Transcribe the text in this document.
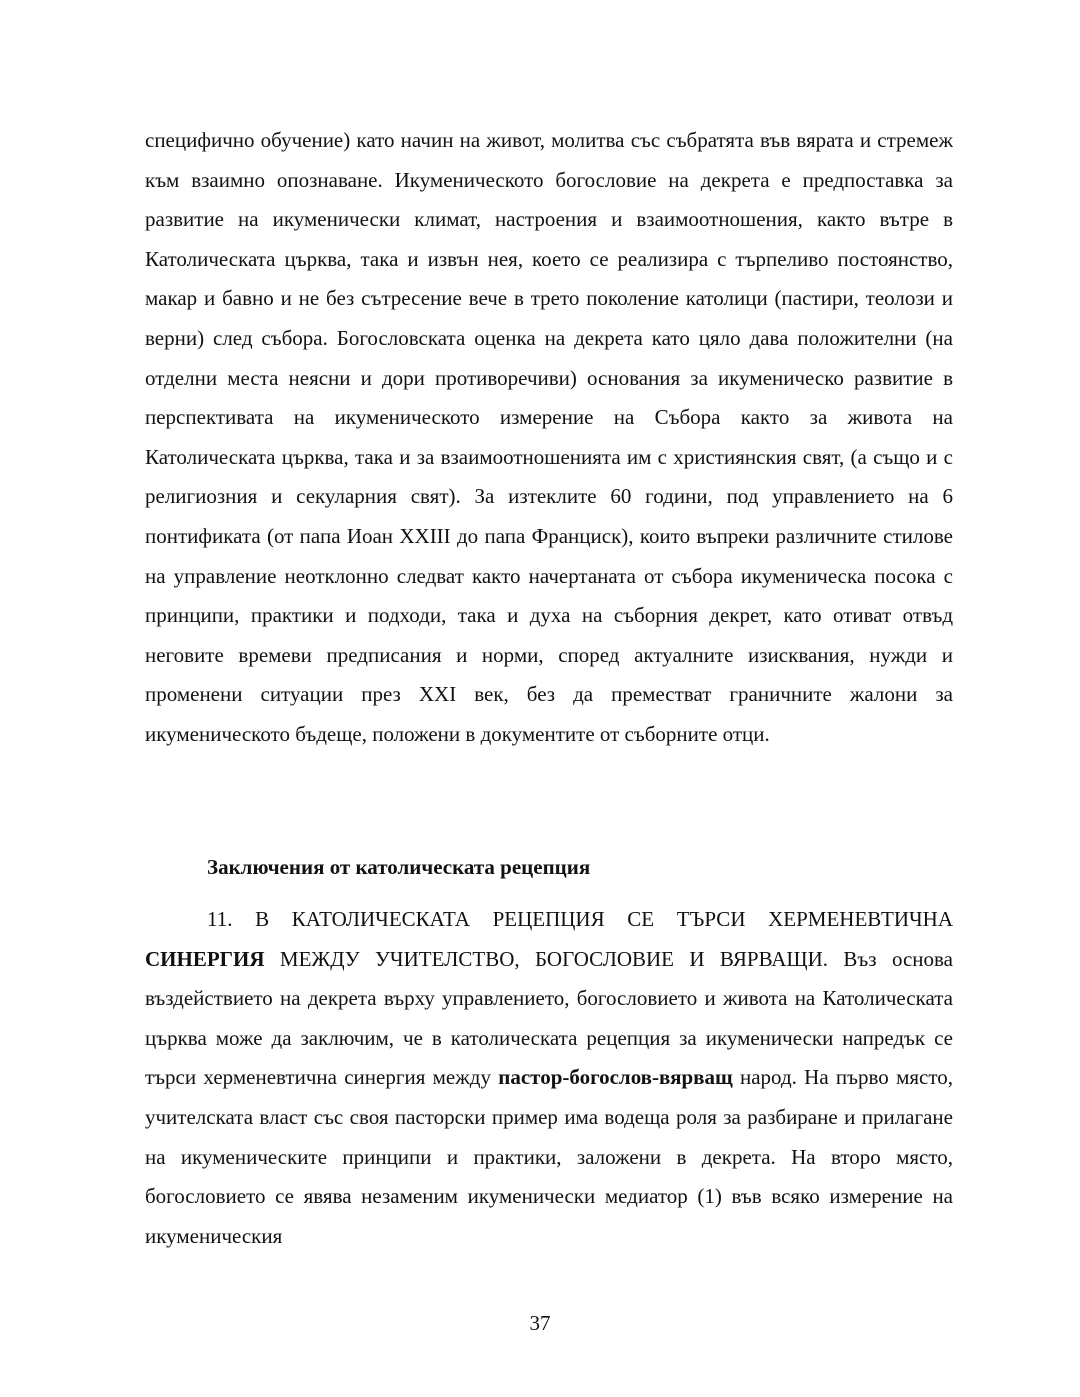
специфично обучение) като начин на живот, молитва със събратята във вярата и стремеж към взаимно опознаване. Икуменическото богословие на декрета е предпоставка за развитие на икуменически климат, настроения и взаимоотношения, както вътре в Католическата църква, така и извън нея, което се реализира с търпеливо постоянство, макар и бавно и не без сътресение вече в трето поколение католици (пастири, теолози и верни) след събора. Богословската оценка на декрета като цяло дава положителни (на отделни места неясни и дори противоречиви) основания за икуменическо развитие в перспективата на икуменическото измерение на Събора както за живота на Католическата църква, така и за взаимоотношенията им с християнския свят, (а също и с религиозния и секуларния свят). За изтеклите 60 години, под управлението на 6 понтификата (от папа Иоан XXIII до папа Франциск), които въпреки различните стилове на управление неотклонно следват както начертаната от събора икуменическа посока с принципи, практики и подходи, така и духа на съборния декрет, като отиват отвъд неговите времеви предписания и норми, според актуалните изисквания, нужди и променени ситуации през XXI век, без да преместват граничните жалони за икуменическото бъдеще, положени в документите от съборните отци.

Заключения от католическата рецепция

11. В КАТОЛИЧЕСКАТА РЕЦЕПЦИЯ СЕ ТЪРСИ ХЕРМЕНЕВТИЧНА СИНЕРГИЯ МЕЖДУ УЧИТЕЛСТВО, БОГОСЛОВИЕ И ВЯРВАЩИ. Въз основа въздействието на декрета върху управлението, богословието и живота на Католическата църква може да заключим, че в католическата рецепция за икуменически напредък се търси херменевтична синергия между пастор-богослов-вярващ народ. На първо място, учителската власт със своя пасторски пример има водеща роля за разбиране и прилагане на икуменическите принципи и практики, заложени в декрета. На второ място, богословието се явява незаменим икуменически медиатор (1) във всяко измерение на икуменическия

37
